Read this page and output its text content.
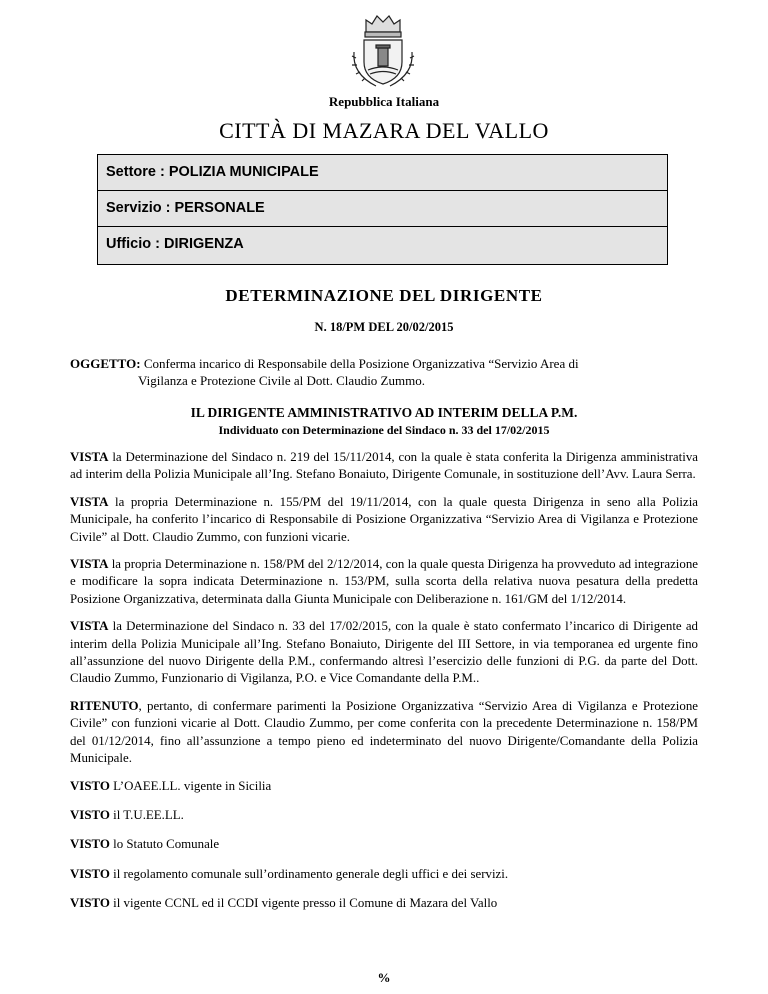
Repubblica Italiana
CITTÀ DI MAZARA DEL VALLO
Settore : POLIZIA MUNICIPALE
Servizio : PERSONALE
Ufficio : DIRIGENZA
DETERMINAZIONE DEL DIRIGENTE
N. 18/PM DEL 20/02/2015
OGGETTO: Conferma incarico di Responsabile della Posizione Organizzativa “Servizio Area di
Vigilanza e Protezione Civile al Dott. Claudio Zummo.
IL DIRIGENTE AMMINISTRATIVO AD INTERIM DELLA P.M.
Individuato con Determinazione del Sindaco n. 33 del 17/02/2015

VISTA la Determinazione del Sindaco n. 219 del 15/11/2014, con la quale è stata conferita la Dirigenza amministrativa ad interim della Polizia Municipale all’Ing. Stefano Bonaiuto, Dirigente Comunale, in sostituzione dell’Avv. Laura Serra.

VISTA la propria Determinazione n. 155/PM del 19/11/2014, con la quale questa Dirigenza in seno alla Polizia Municipale, ha conferito l’incarico di Responsabile di Posizione Organizzativa “Servizio Area di Vigilanza e Protezione Civile” al Dott. Claudio Zummo, con funzioni vicarie.

VISTA la propria Determinazione n. 158/PM del 2/12/2014, con la quale questa Dirigenza ha provveduto ad integrazione e modificare la sopra indicata Determinazione n. 153/PM, sulla scorta della relativa nuova pesatura della predetta Posizione Organizzativa, determinata dalla Giunta Municipale con Deliberazione n. 161/GM del 1/12/2014.

VISTA la Determinazione del Sindaco n. 33 del 17/02/2015, con la quale è stato confermato l’incarico di Dirigente ad interim della Polizia Municipale all’Ing. Stefano Bonaiuto, Dirigente del III Settore, in via temporanea ed urgente fino all’assunzione del nuovo Dirigente della P.M., confermando altresì l’esercizio delle funzioni di P.G. da parte del Dott. Claudio Zummo, Funzionario di Vigilanza, P.O. e Vice Comandante della P.M..

RITENUTO, pertanto, di confermare parimenti la Posizione Organizzativa “Servizio Area di Vigilanza e Protezione Civile” con funzioni vicarie al Dott. Claudio Zummo, per come conferita con la precedente Determinazione n. 158/PM del 01/12/2014, fino all’assunzione a tempo pieno ed indeterminato del nuovo Dirigente/Comandante della Polizia Municipale.

VISTO L’OAEE.LL. vigente in Sicilia

VISTO il T.U.EE.LL.

VISTO lo Statuto Comunale

VISTO il regolamento comunale sull’ordinamento generale degli uffici e dei servizi.

VISTO il vigente CCNL ed il CCDI vigente presso il Comune di Mazara del Vallo

%
